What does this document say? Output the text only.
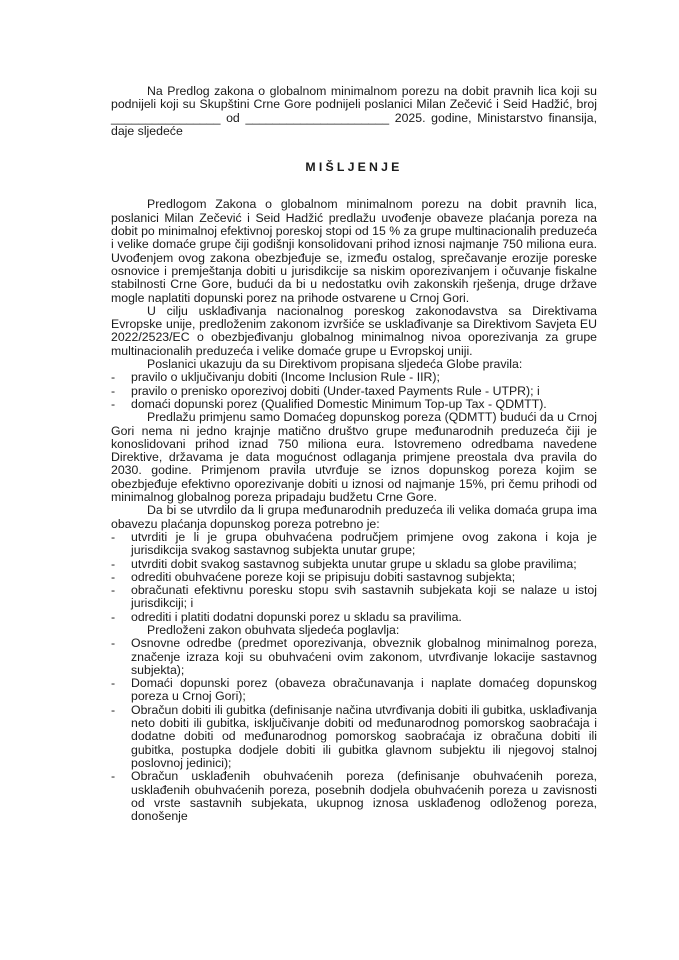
Na Predlog zakona o globalnom minimalnom porezu na dobit pravnih lica koji su podnijeli koji su Skupštini Crne Gore podnijeli poslanici Milan Zečević i Seid Hadžić, broj ________________ od _____________________ 2025. godine, Ministarstvo finansija, daje sljedeće

MIŠLJENJE

Predlogom Zakona o globalnom minimalnom porezu na dobit pravnih lica, poslanici Milan Zečević i Seid Hadžić predlažu uvođenje obaveze plaćanja poreza na dobit po minimalnoj efektivnoj poreskoj stopi od 15 % za grupe multinacionalih preduzeća i velike domaće grupe čiji godišnji konsolidovani prihod iznosi najmanje 750 miliona eura. Uvođenjem ovog zakona obezbjeđuje se, između ostalog, sprečavanje erozije poreske osnovice i premještanja dobiti u jurisdikcije sa niskim oporezivanjem i očuvanje fiskalne stabilnosti Crne Gore, budući da bi u nedostatku ovih zakonskih rješenja, druge države mogle naplatiti dopunski porez na prihode ostvarene u Crnoj Gori.

U cilju usklađivanja nacionalnog poreskog zakonodavstva sa Direktivama Evropske unije, predloženim zakonom izvršiće se usklađivanje sa Direktivom Savjeta EU 2022/2523/EC o obezbjeđivanju globalnog minimalnog nivoa oporezivanja za grupe multinacionalih preduzeća i velike domaće grupe u Evropskoj uniji.

Poslanici ukazuju da su Direktivom propisana sljedeća Globe pravila:

- pravilo o uključivanju dobiti (Income Inclusion Rule - IIR);
- pravilo o prenisko oporezivoj dobiti (Under-taxed Payments Rule - UTPR); i
- domaći dopunski porez (Qualified Domestic Minimum Top-up Tax - QDMTT).

Predlažu primjenu samo Domaćeg dopunskog poreza (QDMTT) budući da u Crnoj Gori nema ni jedno krajnje matično društvo grupe međunarodnih preduzeća čiji je konoslidovani prihod iznad 750 miliona eura. Istovremeno odredbama navedene Direktive, državama je data mogućnost odlaganja primjene preostala dva pravila do 2030. godine. Primjenom pravila utvrđuje se iznos dopunskog poreza kojim se obezbjeđuje efektivno oporezivanje dobiti u iznosi od najmanje 15%, pri čemu prihodi od minimalnog globalnog poreza pripadaju budžetu Crne Gore.

Da bi se utvrdilo da li grupa međunarodnih preduzeća ili velika domaća grupa ima obavezu plaćanja dopunskog poreza potrebno je:

- utvrditi je li je grupa obuhvaćena područjem primjene ovog zakona i koja je jurisdikcija svakog sastavnog subjekta unutar grupe;
- utvrditi dobit svakog sastavnog subjekta unutar grupe u skladu sa globe pravilima;
- odrediti obuhvaćene poreze koji se pripisuju dobiti sastavnog subjekta;
- obračunati efektivnu poresku stopu svih sastavnih subjekata koji se nalaze u istoj jurisdikciji; i
- odrediti i platiti dodatni dopunski porez u skladu sa pravilima.

Predloženi zakon obuhvata sljedeća poglavlja:

- Osnovne odredbe (predmet oporezivanja, obveznik globalnog minimalnog poreza, značenje izraza koji su obuhvaćeni ovim zakonom, utvrđivanje lokacije sastavnog subjekta);
- Domaći dopunski porez (obaveza obračunavanja i naplate domaćeg dopunskog poreza u Crnoj Gori);
- Obračun dobiti ili gubitka (definisanje načina utvrđivanja dobiti ili gubitka, usklađivanja neto dobiti ili gubitka, isključivanje dobiti od međunarodnog pomorskog saobraćaja i dodatne dobiti od međunarodnog pomorskog saobraćaja iz obračuna dobiti ili gubitka, postupka dodjele dobiti ili gubitka glavnom subjektu ili njegovoj stalnoj poslovnoj jedinici);
- Obračun usklađenih obuhvaćenih poreza (definisanje obuhvaćenih poreza, usklađenih obuhvaćenih poreza, posebnih dodjela obuhvaćenih poreza u zavisnosti od vrste sastavnih subjekata, ukupnog iznosa usklađenog odloženog poreza, donošenje
